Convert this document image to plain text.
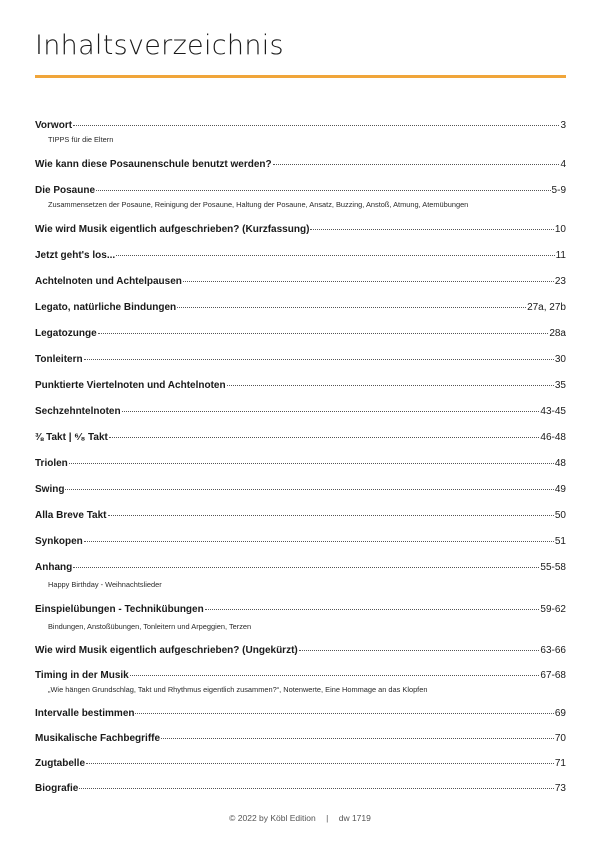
Inhaltsverzeichnis
Vorwort	3
TIPPS für die Eltern
Wie kann diese Posaunenschule benutzt werden?	4
Die Posaune	5-9
Zusammensetzen der Posaune, Reinigung der Posaune, Haltung der Posaune, Ansatz, Buzzing, Anstoß, Atmung, Atemübungen
Wie wird Musik eigentlich aufgeschrieben? (Kurzfassung)	10
Jetzt geht's los...	11
Achtelnoten und Achtelpausen	23
Legato, natürliche Bindungen	27a, 27b
Legatozunge	28a
Tonleitern	30
Punktierte Viertelnoten und Achtelnoten	35
Sechzehntelnoten	43-45
⅜ Takt | ⁶⁄₈ Takt	46-48
Triolen	48
Swing	49
Alla Breve Takt	50
Synkopen	51
Anhang	55-58
Happy Birthday - Weihnachtslieder
Einspielübungen - Technikübungen	59-62
Bindungen, Anstoßübungen, Tonleitern und Arpeggien, Terzen
Wie wird Musik eigentlich aufgeschrieben? (Ungekürzt)	63-66
Timing in der Musik	67-68
„Wie hängen Grundschlag, Takt und Rhythmus eigentlich zusammen?“, Notenwerte, Eine Hommage an das Klopfen
Intervalle bestimmen	69
Musikalische Fachbegriffe	70
Zugtabelle	71
Biografie	73
© 2022 by Köbl Edition | dw 1719
